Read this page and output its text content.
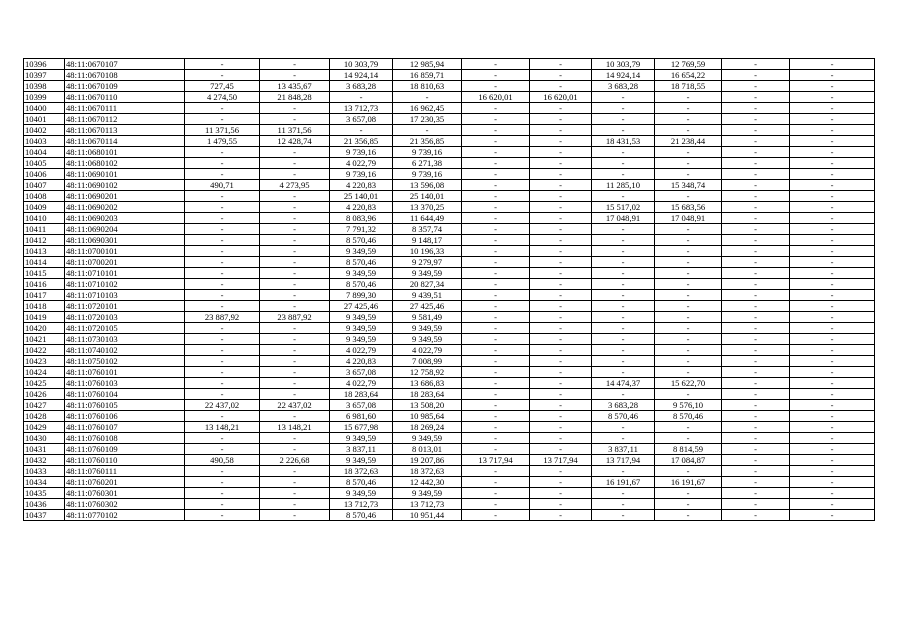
10396	48:11:0670107	-	-	10 303,79	12 985,94	-	-	10 303,79	12 769,59	-	-
10397	48:11:0670108	-	-	14 924,14	16 859,71	-	-	14 924,14	16 654,22	-	-
10398	48:11:0670109	727,45	13 435,67	3 683,28	18 810,63	-	-	3 683,28	18 718,55	-	-
10399	48:11:0670110	4 274,50	21 848,28	-	-	16 620,01	16 620,01	-	-	-	-
10400	48:11:0670111	-	-	13 712,73	16 962,45	-	-	-	-	-	-
10401	48:11:0670112	-	-	3 657,08	17 230,35	-	-	-	-	-	-
10402	48:11:0670113	11 371,56	11 371,56	-	-	-	-	-	-	-	-
10403	48:11:0670114	1 479,55	12 428,74	21 356,85	21 356,85	-	-	18 431,53	21 238,44	-	-
10404	48:11:0680101	-	-	9 739,16	9 739,16	-	-	-	-	-	-
10405	48:11:0680102	-	-	4 022,79	6 271,38	-	-	-	-	-	-
10406	48:11:0690101	-	-	9 739,16	9 739,16	-	-	-	-	-	-
10407	48:11:0690102	490,71	4 273,95	4 220,83	13 596,08	-	-	11 285,10	15 348,74	-	-
10408	48:11:0690201	-	-	25 140,01	25 140,01	-	-	-	-	-	-
10409	48:11:0690202	-	-	4 220,83	13 370,25	-	-	15 517,02	15 683,56	-	-
10410	48:11:0690203	-	-	8 083,96	11 644,49	-	-	17 048,91	17 048,91	-	-
10411	48:11:0690204	-	-	7 791,32	8 357,74	-	-	-	-	-	-
10412	48:11:0690301	-	-	8 570,46	9 148,17	-	-	-	-	-	-
10413	48:11:0700101	-	-	9 349,59	10 196,33	-	-	-	-	-	-
10414	48:11:0700201	-	-	8 570,46	9 279,97	-	-	-	-	-	-
10415	48:11:0710101	-	-	9 349,59	9 349,59	-	-	-	-	-	-
10416	48:11:0710102	-	-	8 570,46	20 827,34	-	-	-	-	-	-
10417	48:11:0710103	-	-	7 899,30	9 439,51	-	-	-	-	-	-
10418	48:11:0720101	-	-	27 425,46	27 425,46	-	-	-	-	-	-
10419	48:11:0720103	23 887,92	23 887,92	9 349,59	9 581,49	-	-	-	-	-	-
10420	48:11:0720105	-	-	9 349,59	9 349,59	-	-	-	-	-	-
10421	48:11:0730103	-	-	9 349,59	9 349,59	-	-	-	-	-	-
10422	48:11:0740102	-	-	4 022,79	4 022,79	-	-	-	-	-	-
10423	48:11:0750102	-	-	4 220,83	7 008,99	-	-	-	-	-	-
10424	48:11:0760101	-	-	3 657,08	12 758,92	-	-	-	-	-	-
10425	48:11:0760103	-	-	4 022,79	13 686,83	-	-	14 474,37	15 622,70	-	-
10426	48:11:0760104	-	-	18 283,64	18 283,64	-	-	-	-	-	-
10427	48:11:0760105	22 437,02	22 437,02	3 657,08	13 508,20	-	-	3 683,28	9 576,10	-	-
10428	48:11:0760106	-	-	6 981,60	10 985,64	-	-	8 570,46	8 570,46	-	-
10429	48:11:0760107	13 148,21	13 148,21	15 677,98	18 269,24	-	-	-	-	-	-
10430	48:11:0760108	-	-	9 349,59	9 349,59	-	-	-	-	-	-
10431	48:11:0760109	-	-	3 837,11	8 013,01	-	-	3 837,11	8 814,59	-	-
10432	48:11:0760110	490,58	2 226,68	9 349,59	19 207,86	13 717,94	13 717,94	13 717,94	17 084,87	-	-
10433	48:11:0760111	-	-	18 372,63	18 372,63	-	-	-	-	-	-
10434	48:11:0760201	-	-	8 570,46	12 442,30	-	-	16 191,67	16 191,67	-	-
10435	48:11:0760301	-	-	9 349,59	9 349,59	-	-	-	-	-	-
10436	48:11:0760302	-	-	13 712,73	13 712,73	-	-	-	-	-	-
10437	48:11:0770102	-	-	8 570,46	10 951,44	-	-	-	-	-	-
